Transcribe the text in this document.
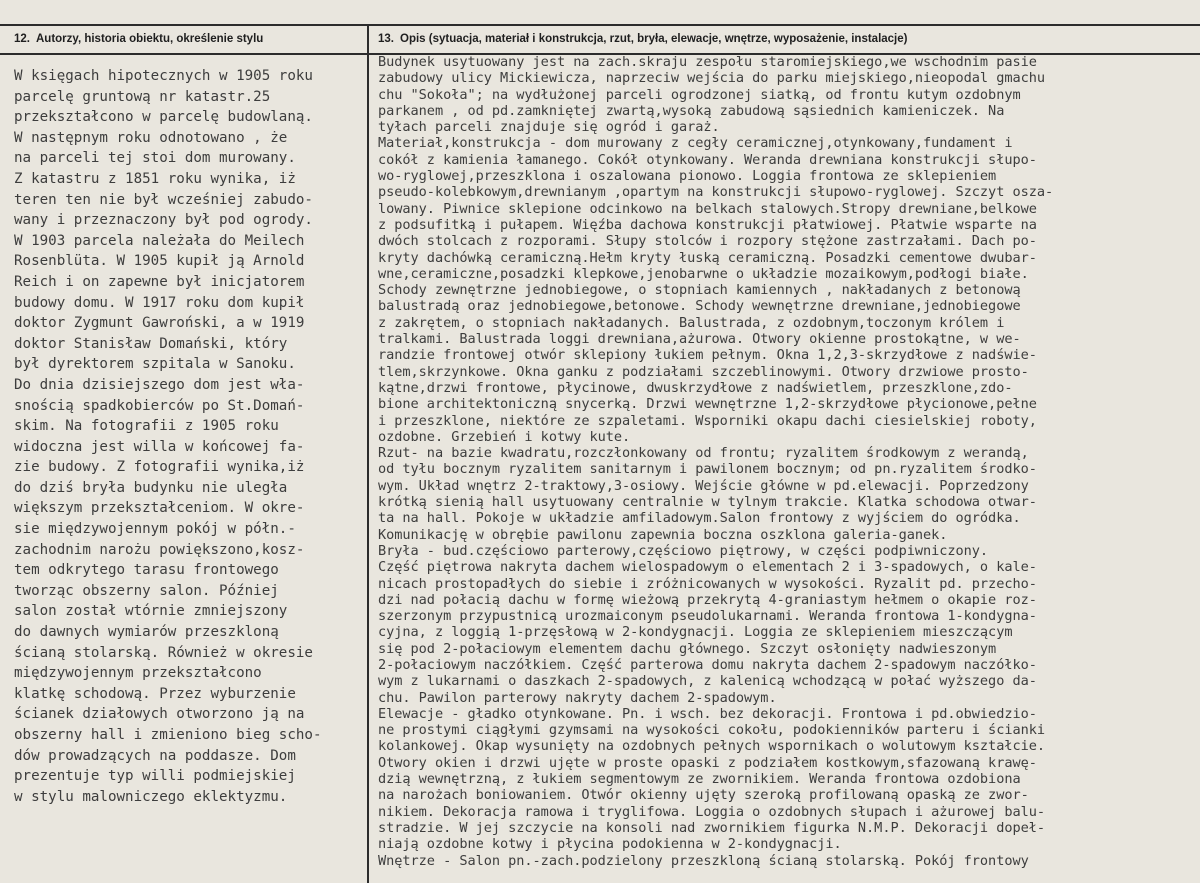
12. Autorzy, historia obiektu, określenie stylu	13. Opis (sytuacja, materiał i konstrukcja, rzut, bryła, elewacje, wnętrze, wyposażenie, instalacje)
W księgach hipotecznych w 1905 roku
parcelę gruntową nr katastr.25
przekształcono w parcelę budowlaną.
W następnym roku odnotowano , że
na parceli tej stoi dom murowany.
Z katastru z 1851 roku wynika, iż
teren ten nie był wcześniej zabudo-
wany i przeznaczony był pod ogrody.
W 1903 parcela należała do Meilech
Rosenblüta. W 1905 kupił ją Arnold
Reich i on zapewne był inicjatorem
budowy domu. W 1917 roku dom kupił
doktor Zygmunt Gawroński, a w 1919
doktor Stanisław Domański, który
był dyrektorem szpitala w Sanoku.
Do dnia dzisiejszego dom jest wła-
snością spadkobierców po St.Domań-
skim. Na fotografii z 1905 roku
widoczna jest willa w końcowej fa-
zie budowy. Z fotografii wynika,iż
do dziś bryła budynku nie uległa
większym przekształceniom. W okre-
sie międzywojennym pokój w półn.-
zachodnim narożu powiększono,kosz-
tem odkrytego tarasu frontowego
tworząc obszerny salon. Później
salon został wtórnie zmniejszony
do dawnych wymiarów przeszkloną
ścianą stolarską. Również w okresie
międzywojennym przekształcono
klatkę schodową. Przez wyburzenie
ścianek działowych otworzono ją na
obszerny hall i zmieniono bieg scho-
dów prowadzących na poddasze. Dom
prezentuje typ willi podmiejskiej
w stylu malowniczego eklektyzmu.
Budynek usytuowany jest na zach.skraju zespołu staromiejskiego,we wschodnim pasie
zabudowy ulicy Mickiewicza, naprzeciw wejścia do parku miejskiego,nieopodal gmachu
chu "Sokoła"; na wydłużonej parceli ogrodzonej siatką, od frontu kutym ozdobnym
parkanem , od pd.zamkniętej zwartą,wysoką zabudową sąsiednich kamieniczek. Na
tyłach parceli znajduje się ogród i garaż.
Materiał,konstrukcja - dom murowany z cegły ceramicznej,otynkowany,fundament i
cokół z kamienia łamanego. Cokół otynkowany. Weranda drewniana konstrukcji słupo-
wo-ryglowej,przeszklona i oszalowana pionowo. Loggia frontowa ze sklepieniem
pseudo-kolebkowym,drewnianym ,opartym na konstrukcji słupowo-ryglowej. Szczyt osza-
lowany. Piwnice sklepione odcinkowo na belkach stalowych.Stropy drewniane,belkowe
z podsufitką i pułapem. Więźba dachowa konstrukcji płatwiowej. Płatwie wsparte na
dwóch stolcach z rozporami. Słupy stolców i rozpory stężone zastrzałami. Dach po-
kryty dachówką ceramiczną.Hełm kryty łuską ceramiczną. Posadzki cementowe dwubar-
wne,ceramiczne,posadzki klepkowe,jenobarwne o układzie mozaikowym,podłogi białe.
Schody zewnętrzne jednobiegowe, o stopniach kamiennych , nakładanych z betonową
balustradą oraz jednobiegowe,betonowe. Schody wewnętrzne drewniane,jednobiegowe
z zakrętem, o stopniach nakładanych. Balustrada, z ozdobnym,toczonym królem i
tralkami. Balustrada loggi drewniana,ażurowa. Otwory okienne prostokątne, w we-
randzie frontowej otwór sklepiony łukiem pełnym. Okna 1,2,3-skrzydłowe z nadświe-
tlem,skrzynkowe. Okna ganku z podziałami szczeblinowymi. Otwory drzwiowe prosto-
kątne,drzwi frontowe, płycinowe, dwuskrzydłowe z nadświetlem, przeszklone,zdo-
bione architektoniczną snycerką. Drzwi wewnętrzne 1,2-skrzydłowe płycionowe,pełne
i przeszklone, niektóre ze szpaletami. Wsporniki okapu dachi ciesielskiej roboty,
ozdobne. Grzebień i kotwy kute.
Rzut- na bazie kwadratu,rozczłonkowany od frontu; ryzalitem środkowym z werandą,
od tyłu bocznym ryzalitem sanitarnym i pawilonem bocznym; od pn.ryzalitem środko-
wym. Układ wnętrz 2-traktowy,3-osiowy. Wejście główne w pd.elewacji. Poprzedzony
krótką sienią hall usytuowany centralnie w tylnym trakcie. Klatka schodowa otwar-
ta na hall. Pokoje w układzie amfiladowym.Salon frontowy z wyjściem do ogródka.
Komunikację w obrębie pawilonu zapewnia boczna oszklona galeria-ganek.
Bryła - bud.częściowo parterowy,częściowo piętrowy, w części podpiwniczony.
Część piętrowa nakryta dachem wielospadowym o elementach 2 i 3-spadowych, o kale-
nicach prostopadłych do siebie i zróżnicowanych w wysokości. Ryzalit pd. przecho-
dzi nad połacią dachu w formę wieżową przekrytą 4-graniastym hełmem o okapie roz-
szerzonym przypustnicą urozmaiconym pseudolukarnami. Weranda frontowa 1-kondygna-
cyjna, z loggią 1-przęsłową w 2-kondygnacji. Loggia ze sklepieniem mieszczącym
się pod 2-połaciowym elementem dachu głównego. Szczyt osłonięty nadwieszonym
2-połaciowym naczółkiem. Część parterowa domu nakryta dachem 2-spadowym naczółko-
wym z lukarnami o daszkach 2-spadowych, z kalenicą wchodzącą w połać wyższego da-
chu. Pawilon parterowy nakryty dachem 2-spadowym.
Elewacje - gładko otynkowane. Pn. i wsch. bez dekoracji. Frontowa i pd.obwiedzio-
ne prostymi ciągłymi gzymsami na wysokości cokołu, podokienników parteru i ścianki
kolankowej. Okap wysunięty na ozdobnych pełnych wspornikach o wolutowym kształcie.
Otwory okien i drzwi ujęte w proste opaski z podziałem kostkowym,sfazowaną krawę-
dzią wewnętrzną, z łukiem segmentowym ze zwornikiem. Weranda frontowa ozdobiona
na narożach boniowaniem. Otwór okienny ujęty szeroką profilowaną opaską ze zwor-
nikiem. Dekoracja ramowa i tryglifowa. Loggia o ozdobnych słupach i ażurowej balu-
stradzie. W jej szczycie na konsoli nad zwornikiem figurka N.M.P. Dekoracji dopeł-
niają ozdobne kotwy i płycina podokienna w 2-kondygnacji.
Wnętrze - Salon pn.-zach.podzielony przeszkloną ścianą stolarską. Pokój frontowy
